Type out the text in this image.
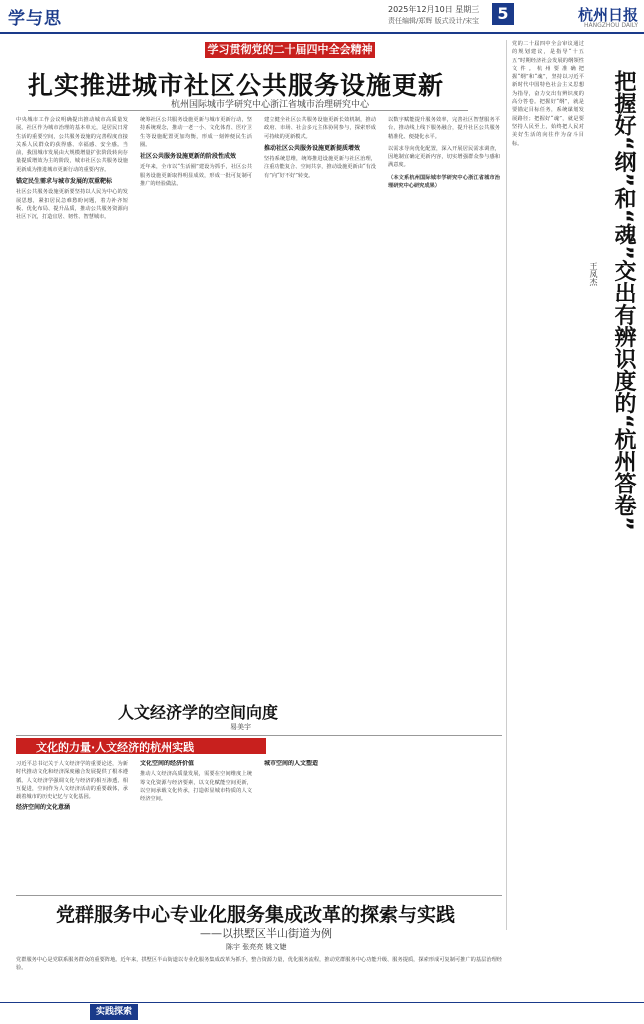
学与思	2025年12月10日 星期三
责任编辑/郑辉 版式设计/宋宝	5	杭州日报
HANGZHOU DAILY
学习贯彻党的二十届四中全会精神
扎实推进城市社区公共服务设施更新
杭州国际城市学研究中心浙江省城市治理研究中心

中央城市工作会议明确提出推动城市高质量发展。社区作为城市治理的基本单元，是居民日常生活的重要空间，公共服务设施的完善程度直接关系人民群众的获得感、幸福感、安全感。当前，我国城市发展由大规模增量扩张阶段转向存量提质增效为主的阶段，城市社区公共服务设施更新成为推进城市更新行动的重要内容。

锚定民生需求与城市发展的双重靶标

社区公共服务设施更新要坚持以人民为中心的发展思想，紧扣居民急难愁盼问题，着力补齐短板、优化布局、提升品质，推动公共服务资源向社区下沉，打造宜居、韧性、智慧城市。

统筹社区公共服务设施更新与城市更新行动，坚持系统观念，推动一老一小、文化体育、医疗卫生等设施配置更加均衡，形成一刻钟便民生活圈。

社区公共服务设施更新的阶段性成效

近年来，全市以“生活圈”建设为抓手，社区公共服务设施更新取得明显成效，形成一批可复制可推广的经验做法。

建立健全社区公共服务设施更新长效机制，推动政府、市场、社会多元主体协同参与，探索形成可持续的更新模式。

推动社区公共服务设施更新提质增效

坚持系统思维，统筹推进设施更新与社区治理，注重功能复合、空间共享，推动设施更新由“有没有”向“好不好”转变。

以数字赋能提升服务效率，完善社区智慧服务平台，推动线上线下服务融合，提升社区公共服务精准化、便捷化水平。

以需求导向优化配置，深入开展居民需求调查，因地制宜确定更新内容，切实增强群众参与感和满意度。

（本文系杭州国际城市学研究中心浙江省城市治理研究中心研究成果）	把握好“纲”和“魂”交出有辨识度的“杭州答卷”
王凤杰

党的二十届四中全会审议通过的规划建议，是指导“十五五”时期经济社会发展的纲领性文件。杭州要准确把握“纲”和“魂”，坚持以习近平新时代中国特色社会主义思想为指导，奋力交出有辨识度的高分答卷。把握好“纲”，就是要锚定目标任务，系统谋划发展路径；把握好“魂”，就是要坚持人民至上，始终把人民对美好生活的向往作为奋斗目标。

人文经济学的空间向度
易美宇
文化的力量·人文经济的杭州实践

习近平总书记关于人文经济学的重要论述，为新时代推动文化和经济深度融合发展提供了根本遵循。人文经济学强调文化与经济的相互渗透、相互促进，空间作为人文经济活动的重要载体，承载着城市的历史记忆与文化基因。

经济空间的文化意涵

文化空间的经济价值

推动人文经济高质量发展，需要在空间维度上统筹文化资源与经济要素，以文化赋能空间更新，以空间承载文化传承，打造彰显城市特质的人文经济空间。

城市空间的人文塑造

党群服务中心专业化服务集成改革的探索与实践
——以拱墅区半山街道为例
陈宇 张亮亮 姚文婕

党群服务中心是党联系服务群众的重要阵地。近年来，拱墅区半山街道以专业化服务集成改革为抓手，整合资源力量，优化服务流程，推动党群服务中心功能升级、服务提质，探索形成可复制可推广的基层治理经验。

实践探索
